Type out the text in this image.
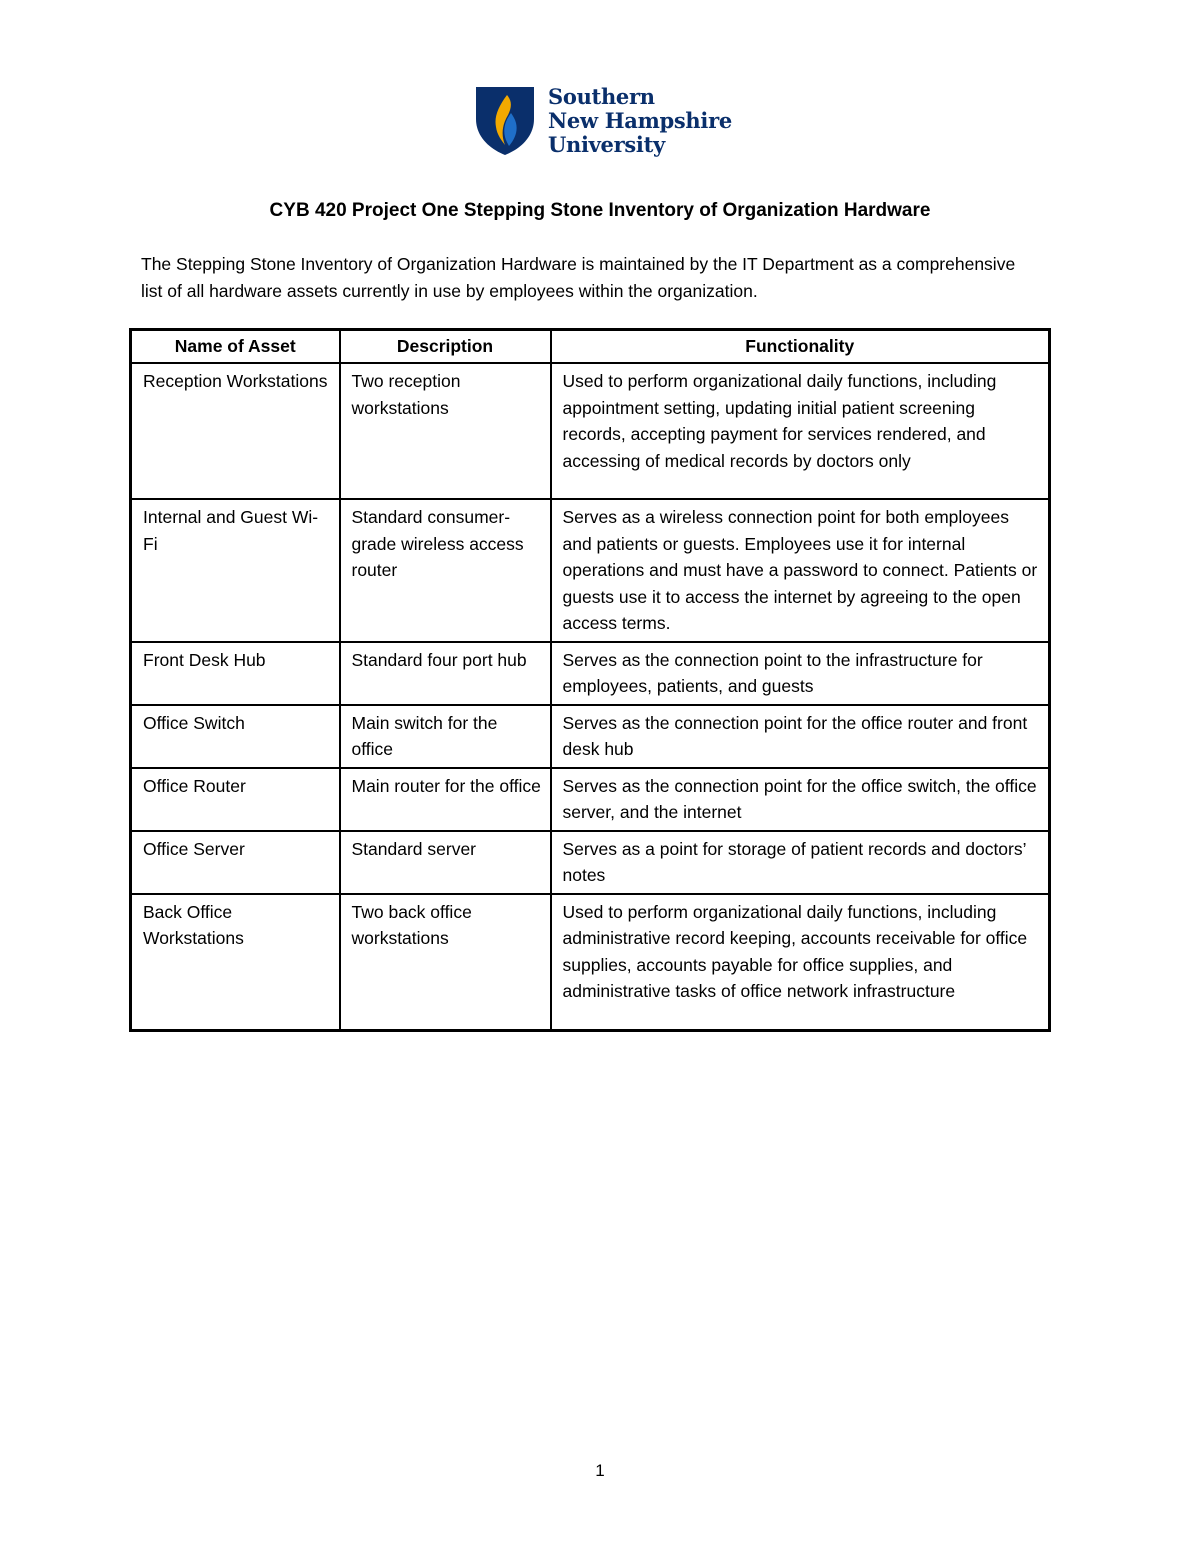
Southern
New Hampshire
University
CYB 420 Project One Stepping Stone Inventory of Organization Hardware
The Stepping Stone Inventory of Organization Hardware is maintained by the IT Department as a comprehensive list of all hardware assets currently in use by employees within the organization.
Name of Asset	Description	Functionality
Reception Workstations	Two reception workstations	Used to perform organizational daily functions, including appointment setting, updating initial patient screening records, accepting payment for services rendered, and accessing of medical records by doctors only
Internal and Guest Wi-Fi	Standard consumer-grade wireless access router	Serves as a wireless connection point for both employees and patients or guests. Employees use it for internal operations and must have a password to connect. Patients or guests use it to access the internet by agreeing to the open access terms.
Front Desk Hub	Standard four port hub	Serves as the connection point to the infrastructure for employees, patients, and guests
Office Switch	Main switch for the office	Serves as the connection point for the office router and front desk hub
Office Router	Main router for the office	Serves as the connection point for the office switch, the office server, and the internet
Office Server	Standard server	Serves as a point for storage of patient records and doctors’ notes
Back Office Workstations	Two back office workstations	Used to perform organizational daily functions, including administrative record keeping, accounts receivable for office supplies, accounts payable for office supplies, and administrative tasks of office network infrastructure
1
